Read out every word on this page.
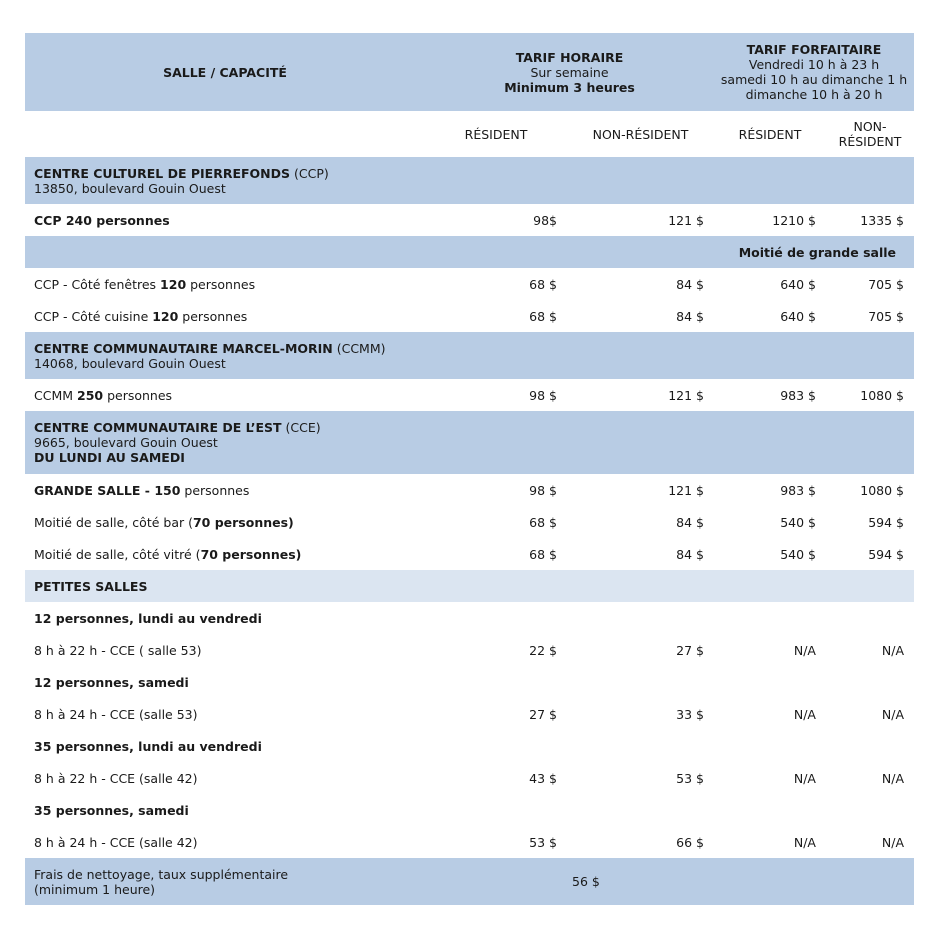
SALLE / CAPACITÉ	TARIF HORAIRE
Sur semaine
Minimum 3 heures		TARIF FORFAITAIRE
Vendredi 10 h à 23 h
samedi 10 h au dimanche 1 h
dimanche 10 h à 20 h	
	RÉSIDENT	NON-RÉSIDENT	RÉSIDENT	NON-
RÉSIDENT
CENTRE CULTUREL DE PIERREFONDS (CCP)
13850, boulevard Gouin Ouest				
CCP 240 personnes	98$	121 $	1210 $	1335 $
Moitié de grande salle				
CCP - Côté fenêtres 120 personnes	68 $	84 $	640 $	705 $
CCP - Côté cuisine 120 personnes	68 $	84 $	640 $	705 $
CENTRE COMMUNAUTAIRE MARCEL-MORIN (CCMM)
14068, boulevard Gouin Ouest				
CCMM 250 personnes	98 $	121 $	983 $	1080 $
CENTRE COMMUNAUTAIRE DE L’EST (CCE)
9665, boulevard Gouin Ouest
DU LUNDI AU SAMEDI				
GRANDE SALLE - 150 personnes	98 $	121 $	983 $	1080 $
Moitié de salle, côté bar (70 personnes)	68 $	84 $	540 $	594 $
Moitié de salle, côté vitré (70 personnes)	68 $	84 $	540 $	594 $
PETITES SALLES				
12 personnes, lundi au vendredi				
8 h à 22 h - CCE ( salle 53)	22 $	27 $	N/A	N/A
12 personnes, samedi				
8 h à 24 h - CCE (salle 53)	27 $	33 $	N/A	N/A
35 personnes, lundi au vendredi				
8 h à 22 h - CCE (salle 42)	43 $	53 $	N/A	N/A
35 personnes, samedi				
8 h à 24 h - CCE (salle 42)	53 $	66 $	N/A	N/A
Frais de nettoyage, taux supplémentaire
(minimum 1 heure)		56 $		
